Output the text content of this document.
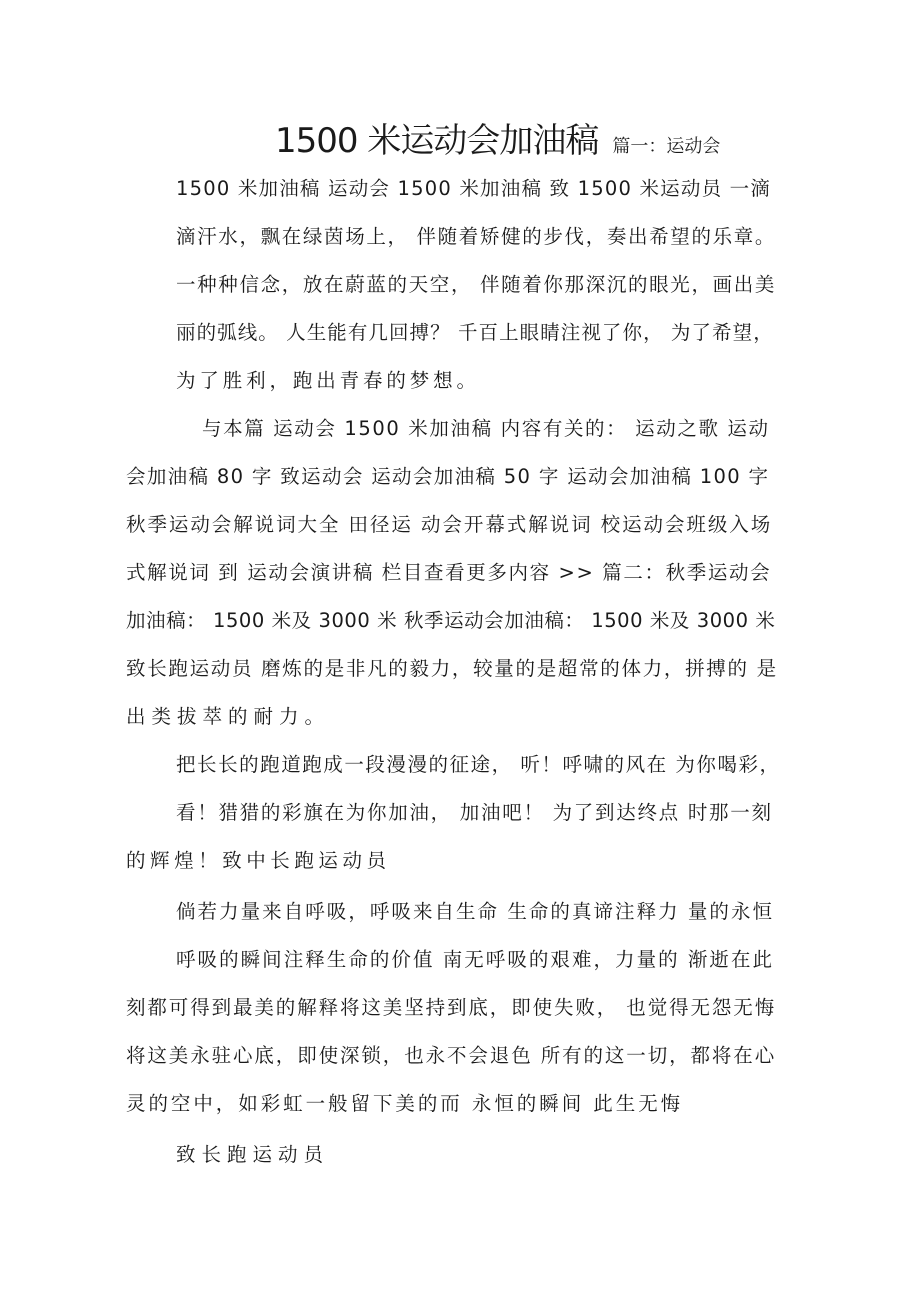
1500 米运动会加油稿 篇一：运动会
1500 米加油稿 运动会 1500 米加油稿 致 1500 米运动员 一滴
滴汗水，飘在绿茵场上， 伴随着矫健的步伐，奏出希望的乐章。
一种种信念，放在蔚蓝的天空， 伴随着你那深沉的眼光，画出美
丽的弧线。 人生能有几回搏？ 千百上眼睛注视了你， 为了希望，
为了胜利，跑出青春的梦想。
与本篇 运动会 1500 米加油稿 内容有关的： 运动之歌 运动
会加油稿 80 字 致运动会 运动会加油稿 50 字 运动会加油稿 100 字
秋季运动会解说词大全 田径运 动会开幕式解说词 校运动会班级入场
式解说词 到 运动会演讲稿 栏目查看更多内容 >> 篇二：秋季运动会
加油稿： 1500 米及 3000 米 秋季运动会加油稿： 1500 米及 3000 米
致长跑运动员 磨炼的是非凡的毅力，较量的是超常的体力，拼搏的 是
出类拔萃的耐力。
把长长的跑道跑成一段漫漫的征途， 听！呼啸的风在 为你喝彩，
看！猎猎的彩旗在为你加油， 加油吧！ 为了到达终点 时那一刻
的辉煌！致中长跑运动员
倘若力量来自呼吸，呼吸来自生命 生命的真谛注释力 量的永恒
呼吸的瞬间注释生命的价值 南无呼吸的艰难，力量的 渐逝在此
刻都可得到最美的解释将这美坚持到底，即使失败， 也觉得无怨无悔
将这美永驻心底，即使深锁，也永不会退色 所有的这一切，都将在心
灵的空中，如彩虹一般留下美的而 永恒的瞬间 此生无悔
致长跑运动员
